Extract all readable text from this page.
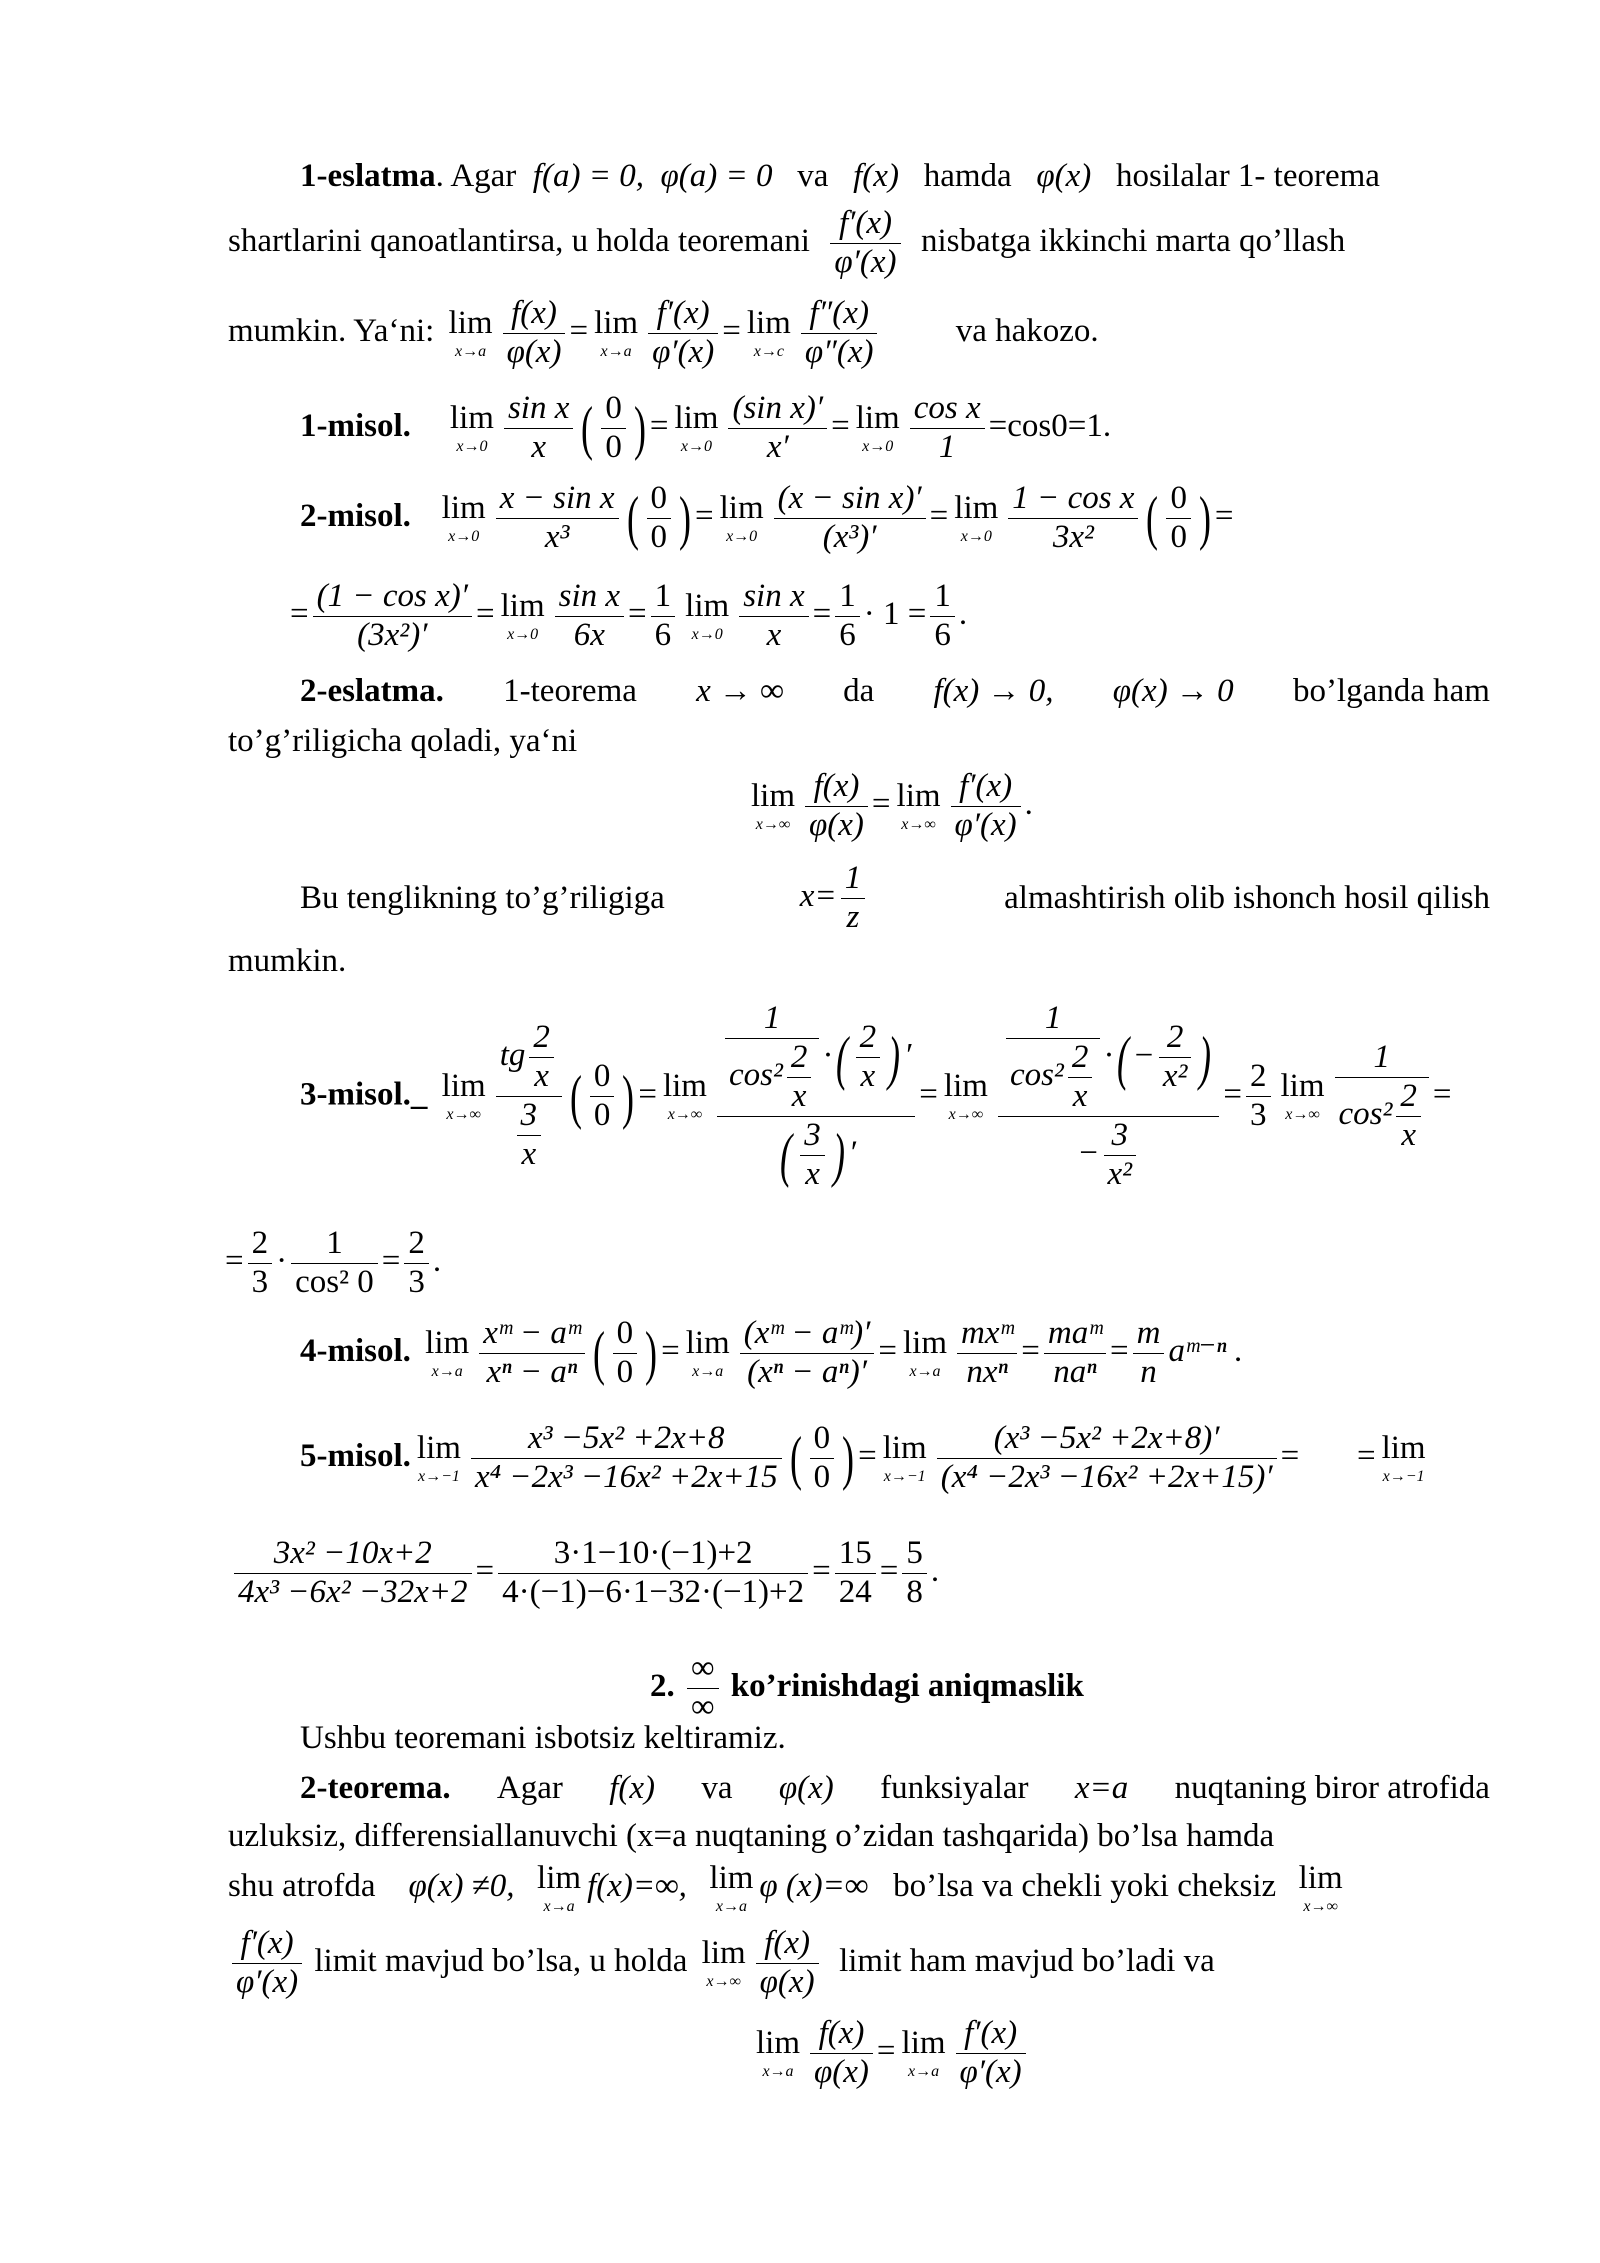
1-eslatma. Agar f(a) = 0, φ(a) = 0 va f(x) hamda φ(x) hosilalar 1- teorema
shartlarini qanoatlantirsa, u holda teoremani $\frac{f'(x)}{\varphi'(x)}$ nisbatga ikkinchi marta qo’llash
mumkin. Ya‘ni: lim
$x\to a \frac{f(x)}{\varphi(x)} = \lim$
$x\to a \frac{f'(x)}{\varphi'(x)} = \lim$
$x\to c \frac{f''(x)}{\varphi''(x)}$ va hakozo.
1-misol. lim
$x\to 0 \frac{\text{sin x}}{x}$ ( $\frac{0}{0}$ ) = lim
$x\to 0 \frac{\text{(sin x)′}}{x'} = \lim$
$x\to 0 \frac{\text{cos x}}{1} =\cos 0=1$.
2-misol. lim
$x\to 0 \frac{\text{x − sin x}}{\text{x³}}$ ( $\frac{0}{0}$ ) = lim
$x\to 0 \frac{\text{(x − sin x)′}}{\text{(x³)′}} = \lim$
$x\to 0 \frac{\text{1 − cos x}}{\text{3x²}}$ ( $\frac{0}{0}$ ) =
= $\frac{\text{(1 − cos x)′}}{\text{(3x²)′}} = \lim$
$x\to 0 \frac{\text{sin x}}{6x} = \frac{1}{6}$ lim
$x\to 0 \frac{\text{sin x}}{x} = \frac{1}{6} \cdot 1 = \frac{1}{6}$ .
2-eslatma. 1-teorema x → ∞ da f(x) → 0, φ(x) → 0 bo’lganda ham
to’g’riligicha qoladi, ya‘ni
lim
$x\to\infty \frac{f(x)}{\varphi(x)} = \lim$
$x\to\infty \frac{f'(x)}{\varphi'(x)}$ .
Bu tenglikning to’g’riligiga	$x= \frac{1}{z}$	almashtirish olib ishonch hosil qilish
mumkin.
3-misol._ lim
$x\to\infty \frac{tg \frac{2}{x}}{\frac{3}{x}}$ ( $\frac{0}{0}$ ) = lim
$x\to\infty \frac{\frac{1}{\cos^2 \frac{2}{x}} \cdot( \frac{2}{x} ) '}{( \frac{3}{x} ) '} = \lim$
$x\to\infty \frac{\frac{1}{\cos^2 \frac{2}{x}} \cdot( - \frac{2}{\text{x²}} )}{- \frac{3}{\text{x²}}} = \frac{2}{3}$ lim
$x\to\infty \frac{1}{\cos^2 \frac{2}{x}}$ =
= $\frac{2}{3} \cdot \frac{1}{\text{cos² 0}} = \frac{2}{3}$ .
4-misol. lim
$x\to a \frac{\text{xᵐ − aᵐ}}{\text{xⁿ − aⁿ}}$ ( $\frac{0}{0}$ ) = lim
$x\to a \frac{\text{(xᵐ − aᵐ)′}}{\text{(xⁿ − aⁿ)′}} = \lim$
$x\to a \frac{\text{mxᵐ}}{\text{nxⁿ}} = \frac{\text{maᵐ}}{\text{naⁿ}} = \frac{m}{n}$ aᵐ⁻ⁿ .
5-misol. lim
$x\to-1 \frac{\text{x³ −5x² +2x+8}}{\text{x⁴ −2x³ −16x² +2x+15}}$ ( $\frac{0}{0}$ ) = lim
$x\to-1 \frac{\text{(x³ −5x² +2x+8)′}}{\text{(x⁴ −2x³ −16x² +2x+15)′}}$ =       = lim
x→−1
$\frac{\text{3x² −10x+2}}{\text{4x³ −6x² −32x+2}} = \frac{3\cdot 1-10\cdot(-1)+2}{4\cdot(-1)-6\cdot 1-32\cdot(-1)+2} = \frac{15}{24} = \frac{5}{8}$ .
2. $\frac{\infty}{\infty}$ ko’rinishdagi aniqmaslik
Ushbu teoremani isbotsiz keltiramiz.
2-teorema. Agar f(x) va φ(x) funksiyalar x=a nuqtaning biror atrofida
uzluksiz, differensiallanuvchi (x=a nuqtaning o’zidan tashqarida) bo’lsa hamda
shu atrofda φ(x) ≠0, lim
x→a
f(x)=∞, lim
x→a
φ (x)=∞ bo’lsa va chekli yoki cheksiz lim
x→∞
$\frac{f'(x)}{\varphi'(x)}$ limit mavjud bo’lsa, u holda lim
$x\to\infty \frac{f(x)}{\varphi(x)}$ limit ham mavjud bo’ladi va
lim
$x\to a \frac{f(x)}{\varphi(x)} = \lim$
$x\to a \frac{f'(x)}{\varphi'(x)}$
